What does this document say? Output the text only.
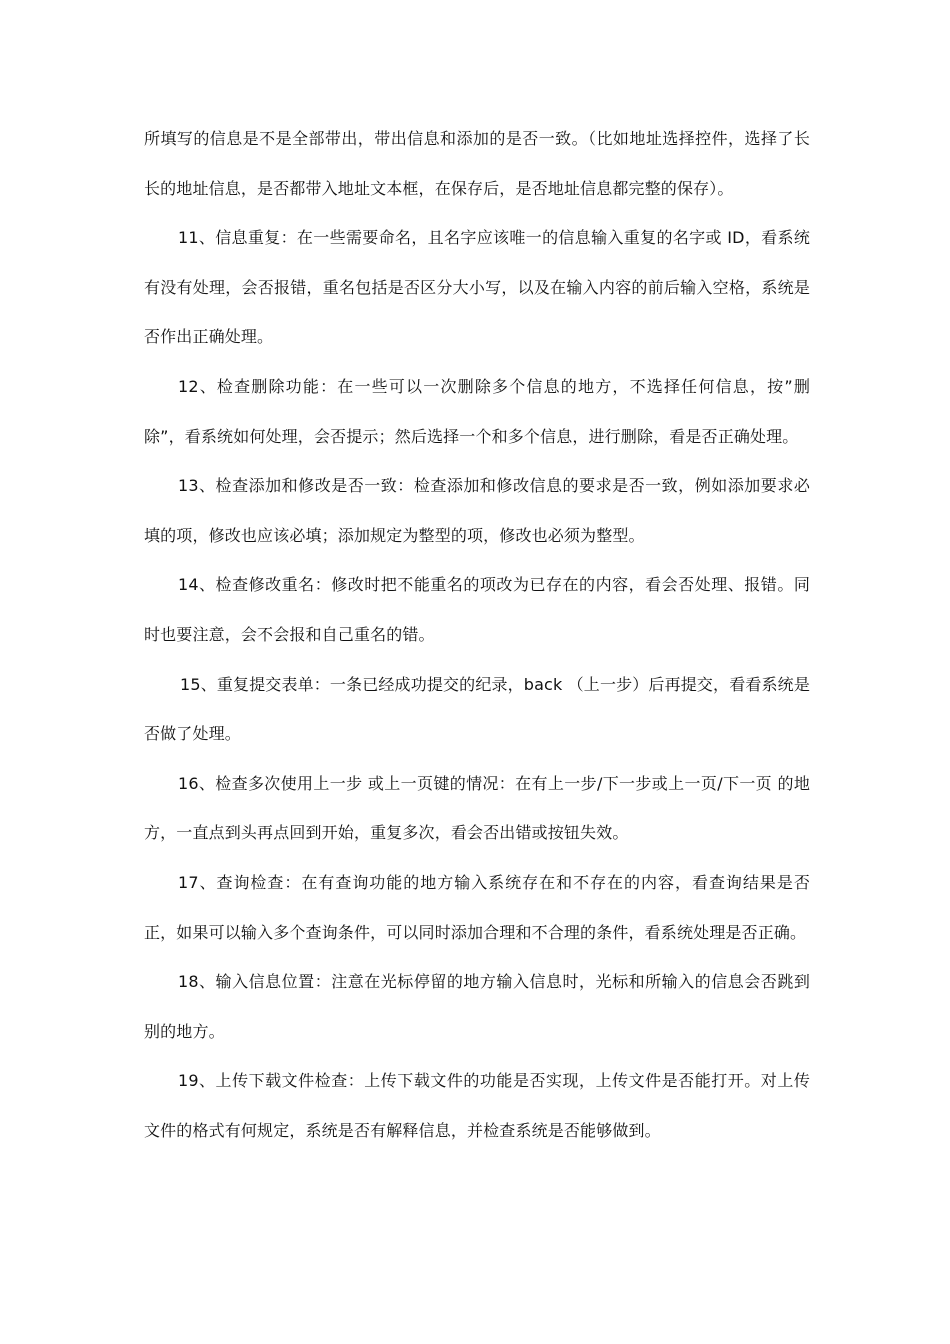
所填写的信息是不是全部带出，带出信息和添加的是否一致。（比如地址选择控件，选择了长长的地址信息，是否都带入地址文本框，在保存后，是否地址信息都完整的保存）。

11、信息重复：在一些需要命名，且名字应该唯一的信息输入重复的名字或 ID，看系统有没有处理，会否报错，重名包括是否区分大小写，以及在输入内容的前后输入空格，系统是否作出正确处理。

12、检查删除功能：在一些可以一次删除多个信息的地方，不选择任何信息，按”删除”，看系统如何处理，会否提示；然后选择一个和多个信息，进行删除，看是否正确处理。

13、检查添加和修改是否一致：检查添加和修改信息的要求是否一致，例如添加要求必填的项，修改也应该必填；添加规定为整型的项，修改也必须为整型。

14、检查修改重名：修改时把不能重名的项改为已存在的内容，看会否处理、报错。同时也要注意，会不会报和自己重名的错。

15、重复提交表单：一条已经成功提交的纪录，back （上一步）后再提交，看看系统是否做了处理。

16、检查多次使用上一步 或上一页键的情况：在有上一步/下一步或上一页/下一页 的地方，一直点到头再点回到开始，重复多次，看会否出错或按钮失效。

17、查询检查：在有查询功能的地方输入系统存在和不存在的内容，看查询结果是否正，如果可以输入多个查询条件，可以同时添加合理和不合理的条件，看系统处理是否正确。

18、输入信息位置：注意在光标停留的地方输入信息时，光标和所输入的信息会否跳到别的地方。

19、上传下载文件检查：上传下载文件的功能是否实现，上传文件是否能打开。对上传文件的格式有何规定，系统是否有解释信息，并检查系统是否能够做到。
